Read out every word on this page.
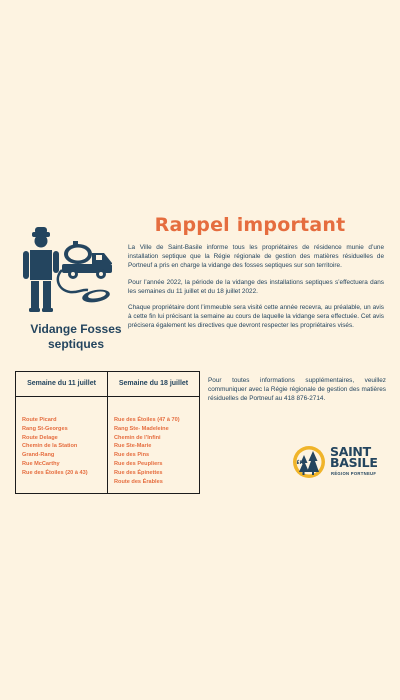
Rappel important

Vidange Fosses septiques

La Ville de Saint-Basile informe tous les propriétaires de résidence munie d’une installation septique que la Régie régionale de gestion des matières résiduelles de Portneuf a pris en charge la vidange des fosses septiques sur son territoire.

Pour l’année 2022, la période de la vidange des installations septiques s’effectuera dans les semaines du 11 juillet et du 18 juillet 2022.

Chaque propriétaire dont l’immeuble sera visité cette année recevra, au préalable, un avis à cette fin lui précisant la semaine au cours de laquelle la vidange sera effectuée. Cet avis précisera également les directives que devront respecter les propriétaires visés.

Semaine du 11 juillet
Route Picard
Rang St-Georges
Route Delage
Chemin de la Station
Grand-Rang
Rue McCarthy
Rue des Étoiles (20 à 43)
Semaine du 18 juillet
Rue des Étoiles (47 à 70)
Rang Ste- Madeleine
Chemin de l’Infini
Rue Ste-Marie
Rue des Pins
Rue des Peupliers
Rue des Épinettes
Route des Érables

Pour toutes informations supplémentaires, veuillez communiquer avec la Régie régionale de gestion des matières résiduelles de Portneuf au 418 876-2714.

ÉR
SAINT
BASILE
RÉGION PORTNEUF
